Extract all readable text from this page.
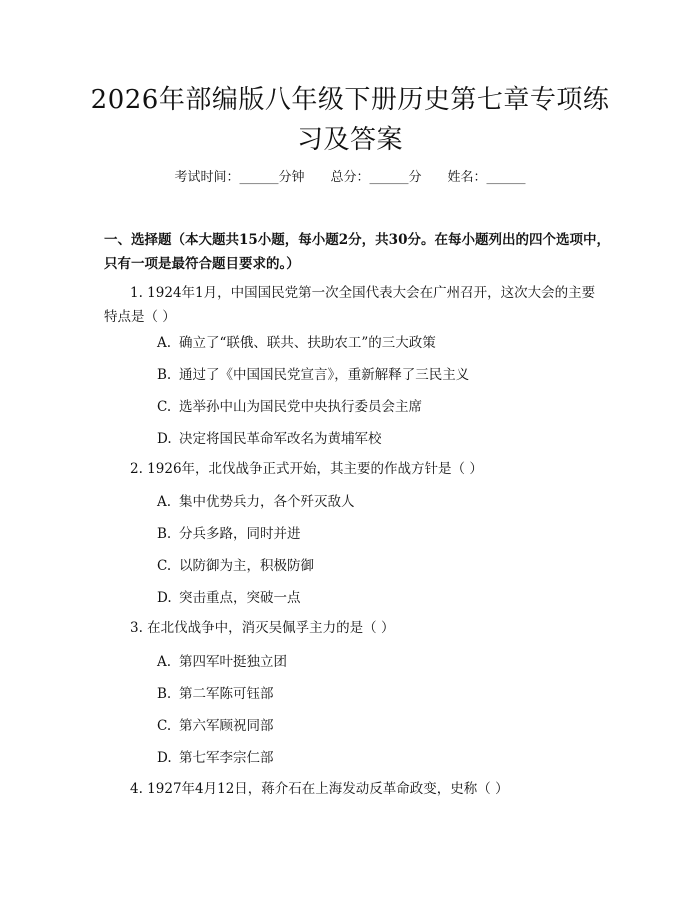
2026年部编版八年级下册历史第七章专项练习及答案
考试时间：______分钟 总分：______分 姓名：______
一、选择题（本大题共15小题，每小题2分，共30分。在每小题列出的四个选项中，只有一项是最符合题目要求的。）
1. 1924年1月，中国国民党第一次全国代表大会在广州召开，这次大会的主要特点是（ ）
A. 确立了“联俄、联共、扶助农工”的三大政策
B. 通过了《中国国民党宣言》，重新解释了三民主义
C. 选举孙中山为国民党中央执行委员会主席
D. 决定将国民革命军改名为黄埔军校
2. 1926年，北伐战争正式开始，其主要的作战方针是（ ）
A. 集中优势兵力，各个歼灭敌人
B. 分兵多路，同时并进
C. 以防御为主，积极防御
D. 突击重点，突破一点
3. 在北伐战争中，消灭吴佩孚主力的是（ ）
A. 第四军叶挺独立团
B. 第二军陈可钰部
C. 第六军顾祝同部
D. 第七军李宗仁部
4. 1927年4月12日，蒋介石在上海发动反革命政变，史称（ ）
